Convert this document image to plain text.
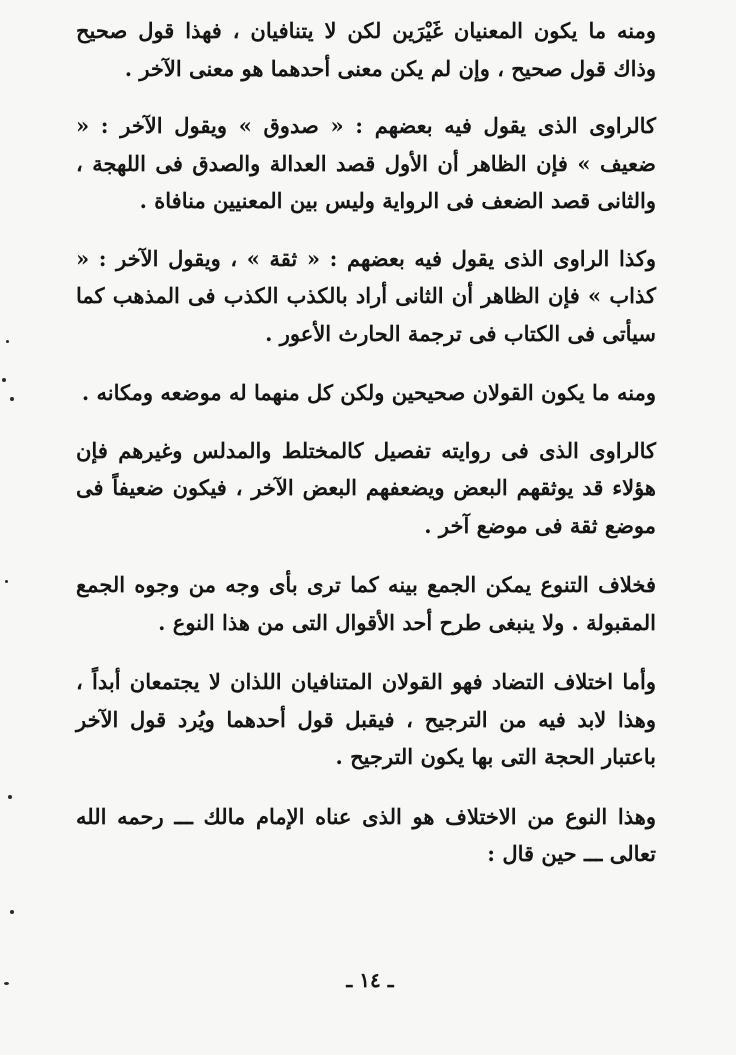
ومنه ما يكون المعنيان غَيْرَين لكن لا يتنافيان ، فهذا قول صحيح وذاك قول صحيح ، وإن لم يكن معنى أحدهما هو معنى الآخر .

كالراوى الذى يقول فيه بعضهم : « صدوق » ويقول الآخر : « ضعيف » فإن الظاهر أن الأول قصد العدالة والصدق فى اللهجة ، والثانى قصد الضعف فى الرواية وليس بين المعنيين منافاة .

وكذا الراوى الذى يقول فيه بعضهم : « ثقة » ، ويقول الآخر : « كذاب » فإن الظاهر أن الثانى أراد بالكذب الكذب فى المذهب كما سيأتى فى الكتاب فى ترجمة الحارث الأعور .

ومنه ما يكون القولان صحيحين ولكن كل منهما له موضعه ومكانه .

كالراوى الذى فى روايته تفصيل كالمختلط والمدلس وغيرهم فإن هؤلاء قد يوثقهم البعض ويضعفهم البعض الآخر ، فيكون ضعيفاً فى موضع ثقة فى موضع آخر .

فخلاف التنوع يمكن الجمع بينه كما ترى بأى وجه من وجوه الجمع المقبولة . ولا ينبغى طرح أحد الأقوال التى من هذا النوع .

وأما اختلاف التضاد فهو القولان المتنافيان اللذان لا يجتمعان أبداً ، وهذا لابد فيه من الترجيح ، فيقبل قول أحدهما ويُرد قول الآخر باعتبار الحجة التى بها يكون الترجيح .

وهذا النوع من الاختلاف هو الذى عناه الإمام مالك ـــ رحمه الله تعالى ـــ حين قال :

ـ ١٤ ـ
